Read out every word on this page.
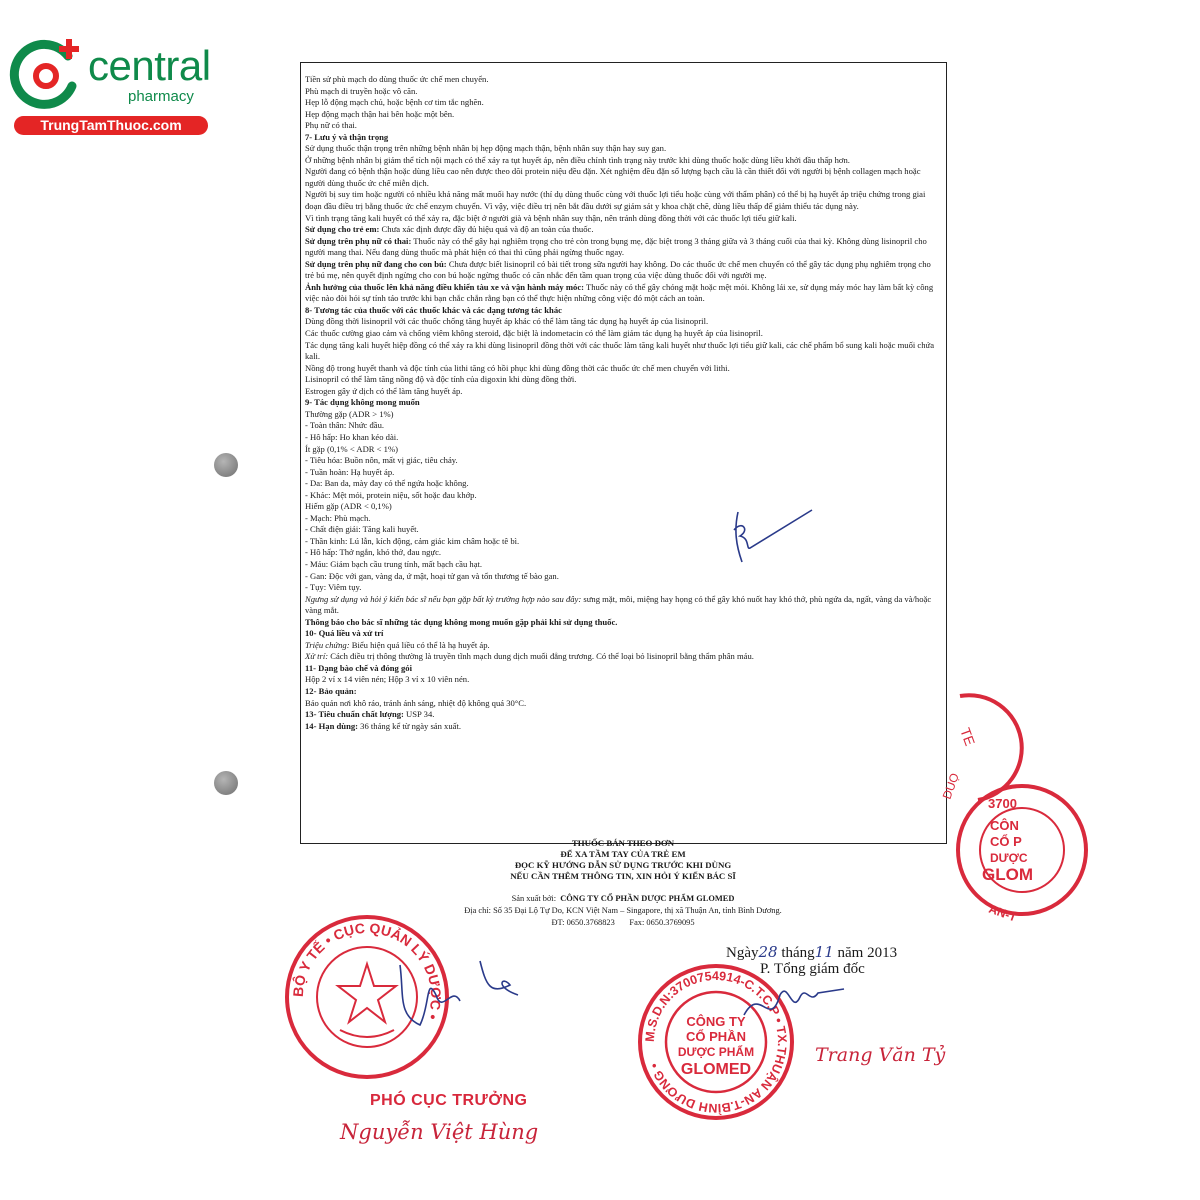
central
pharmacy
TrungTamThuoc.com

Tiền sử phù mạch do dùng thuốc ức chế men chuyển.

Phù mạch di truyền hoặc vô căn.

Hẹp lỗ động mạch chủ, hoặc bệnh cơ tim tắc nghẽn.

Hẹp động mạch thận hai bên hoặc một bên.

Phụ nữ có thai.

7- Lưu ý và thận trọng

Sử dụng thuốc thận trọng trên những bệnh nhân bị hẹp động mạch thận, bệnh nhân suy thận hay suy gan.

Ở những bệnh nhân bị giảm thể tích nội mạch có thể xảy ra tụt huyết áp, nên điều chỉnh tình trạng này trước khi dùng thuốc hoặc dùng liều khởi đầu thấp hơn.

Người đang có bệnh thận hoặc dùng liều cao nên được theo dõi protein niệu đều đặn. Xét nghiệm đều đặn số lượng bạch cầu là cần thiết đối với người bị bệnh collagen mạch hoặc người dùng thuốc ức chế miễn dịch.

Người bị suy tim hoặc người có nhiều khả năng mất muối hay nước (thí dụ dùng thuốc cùng với thuốc lợi tiểu hoặc cùng với thẩm phân) có thể bị hạ huyết áp triệu chứng trong giai đoạn đầu điều trị bằng thuốc ức chế enzym chuyển. Vì vậy, việc điều trị nên bắt đầu dưới sự giám sát y khoa chặt chẽ, dùng liều thấp để giảm thiểu tác dụng này.

Vì tình trạng tăng kali huyết có thể xảy ra, đặc biệt ở người già và bệnh nhân suy thận, nên tránh dùng đồng thời với các thuốc lợi tiểu giữ kali.

Sử dụng cho trẻ em: Chưa xác định được đầy đủ hiệu quả và độ an toàn của thuốc.

Sử dụng trên phụ nữ có thai: Thuốc này có thể gây hại nghiêm trọng cho trẻ còn trong bụng mẹ, đặc biệt trong 3 tháng giữa và 3 tháng cuối của thai kỳ. Không dùng lisinopril cho người mang thai. Nếu đang dùng thuốc mà phát hiện có thai thì cũng phải ngừng thuốc ngay.

Sử dụng trên phụ nữ đang cho con bú: Chưa được biết lisinopril có bài tiết trong sữa người hay không. Do các thuốc ức chế men chuyển có thể gây tác dụng phụ nghiêm trọng cho trẻ bú mẹ, nên quyết định ngừng cho con bú hoặc ngừng thuốc có căn nhắc đến tầm quan trọng của việc dùng thuốc đối với người mẹ.

Ảnh hưởng của thuốc lên khả năng điều khiển tàu xe và vận hành máy móc: Thuốc này có thể gây chóng mặt hoặc mệt mỏi. Không lái xe, sử dụng máy móc hay làm bất kỳ công việc nào đòi hỏi sự tỉnh táo trước khi bạn chắc chắn rằng bạn có thể thực hiện những công việc đó một cách an toàn.

8- Tương tác của thuốc với các thuốc khác và các dạng tương tác khác

Dùng đồng thời lisinopril với các thuốc chống tăng huyết áp khác có thể làm tăng tác dụng hạ huyết áp của lisinopril.

Các thuốc cường giao cảm và chống viêm không steroid, đặc biệt là indometacin có thể làm giảm tác dụng hạ huyết áp của lisinopril.

Tác dụng tăng kali huyết hiệp đồng có thể xảy ra khi dùng lisinopril đồng thời với các thuốc làm tăng kali huyết như thuốc lợi tiểu giữ kali, các chế phẩm bổ sung kali hoặc muối chứa kali.

Nồng độ trong huyết thanh và độc tính của lithi tăng có hồi phục khi dùng đồng thời các thuốc ức chế men chuyển với lithi.

Lisinopril có thể làm tăng nồng độ và độc tính của digoxin khi dùng đồng thời.

Estrogen gây ứ dịch có thể làm tăng huyết áp.

9- Tác dụng không mong muốn

Thường gặp (ADR > 1%)

- Toàn thân: Nhức đầu.

- Hô hấp: Ho khan kéo dài.

Ít gặp (0,1% < ADR < 1%)

- Tiêu hóa: Buồn nôn, mất vị giác, tiêu chảy.

- Tuần hoàn: Hạ huyết áp.

- Da: Ban da, mày đay có thể ngứa hoặc không.

- Khác: Mệt mỏi, protein niệu, sốt hoặc đau khớp.

Hiếm gặp (ADR < 0,1%)

- Mạch: Phù mạch.

- Chất điện giải: Tăng kali huyết.

- Thần kinh: Lú lẫn, kích động, cảm giác kim châm hoặc tê bì.

- Hô hấp: Thở ngắn, khó thở, đau ngực.

- Máu: Giảm bạch cầu trung tính, mất bạch cầu hạt.

- Gan: Độc với gan, vàng da, ứ mật, hoại tử gan và tổn thương tế bào gan.

- Tụy: Viêm tụy.

Ngưng sử dụng và hỏi ý kiến bác sĩ nếu bạn gặp bất kỳ trường hợp nào sau đây: sưng mặt, môi, miệng hay họng có thể gây khó nuốt hay khó thở, phù ngứa da, ngất, vàng da và/hoặc vàng mắt.

Thông báo cho bác sĩ những tác dụng không mong muốn gặp phải khi sử dụng thuốc.

10- Quá liều và xử trí

Triệu chứng: Biểu hiện quá liều có thể là hạ huyết áp.

Xử trí: Cách điều trị thông thường là truyền tĩnh mạch dung dịch muối đẳng trương. Có thể loại bỏ lisinopril bằng thẩm phân máu.

11- Dạng bào chế và đóng gói

Hộp 2 vỉ x 14 viên nén; Hộp 3 vỉ x 10 viên nén.

12- Bảo quản:

Bảo quản nơi khô ráo, tránh ánh sáng, nhiệt độ không quá 30°C.

13- Tiêu chuẩn chất lượng: USP 34.

14- Hạn dùng: 36 tháng kể từ ngày sản xuất.

THUỐC BÁN THEO ĐƠN
ĐỂ XA TẦM TAY CỦA TRẺ EM
ĐỌC KỸ HƯỚNG DẪN SỬ DỤNG TRƯỚC KHI DÙNG
NẾU CẦN THÊM THÔNG TIN, XIN HỎI Ý KIẾN BÁC SĨ
Sản xuất bởi: CÔNG TY CỔ PHẦN DƯỢC PHẨM GLOMED
Địa chỉ: Số 35 Đại Lộ Tự Do, KCN Việt Nam – Singapore, thị xã Thuận An, tỉnh Bình Dương.
ĐT: 0650.3768823 Fax: 0650.3769095
TE
DUỌ
3700
CÔN
CỔ P
DƯỢC
GLOM
AN-T
Ngày28 tháng11 năm 2013
P. Tổng giám đốc
M.S.D.N:3700754914-C.T.C.P • TX.THUẬN AN-T.BÌNH DƯƠNG •
CÔNG TY
CỔ PHẦN
DƯỢC PHẨM
GLOMED
Trang Văn Tỷ
BỘ Y TẾ • CỤC QUẢN LÝ DƯỢC •
PHÓ CỤC TRƯỞNG
Nguyễn Việt Hùng
